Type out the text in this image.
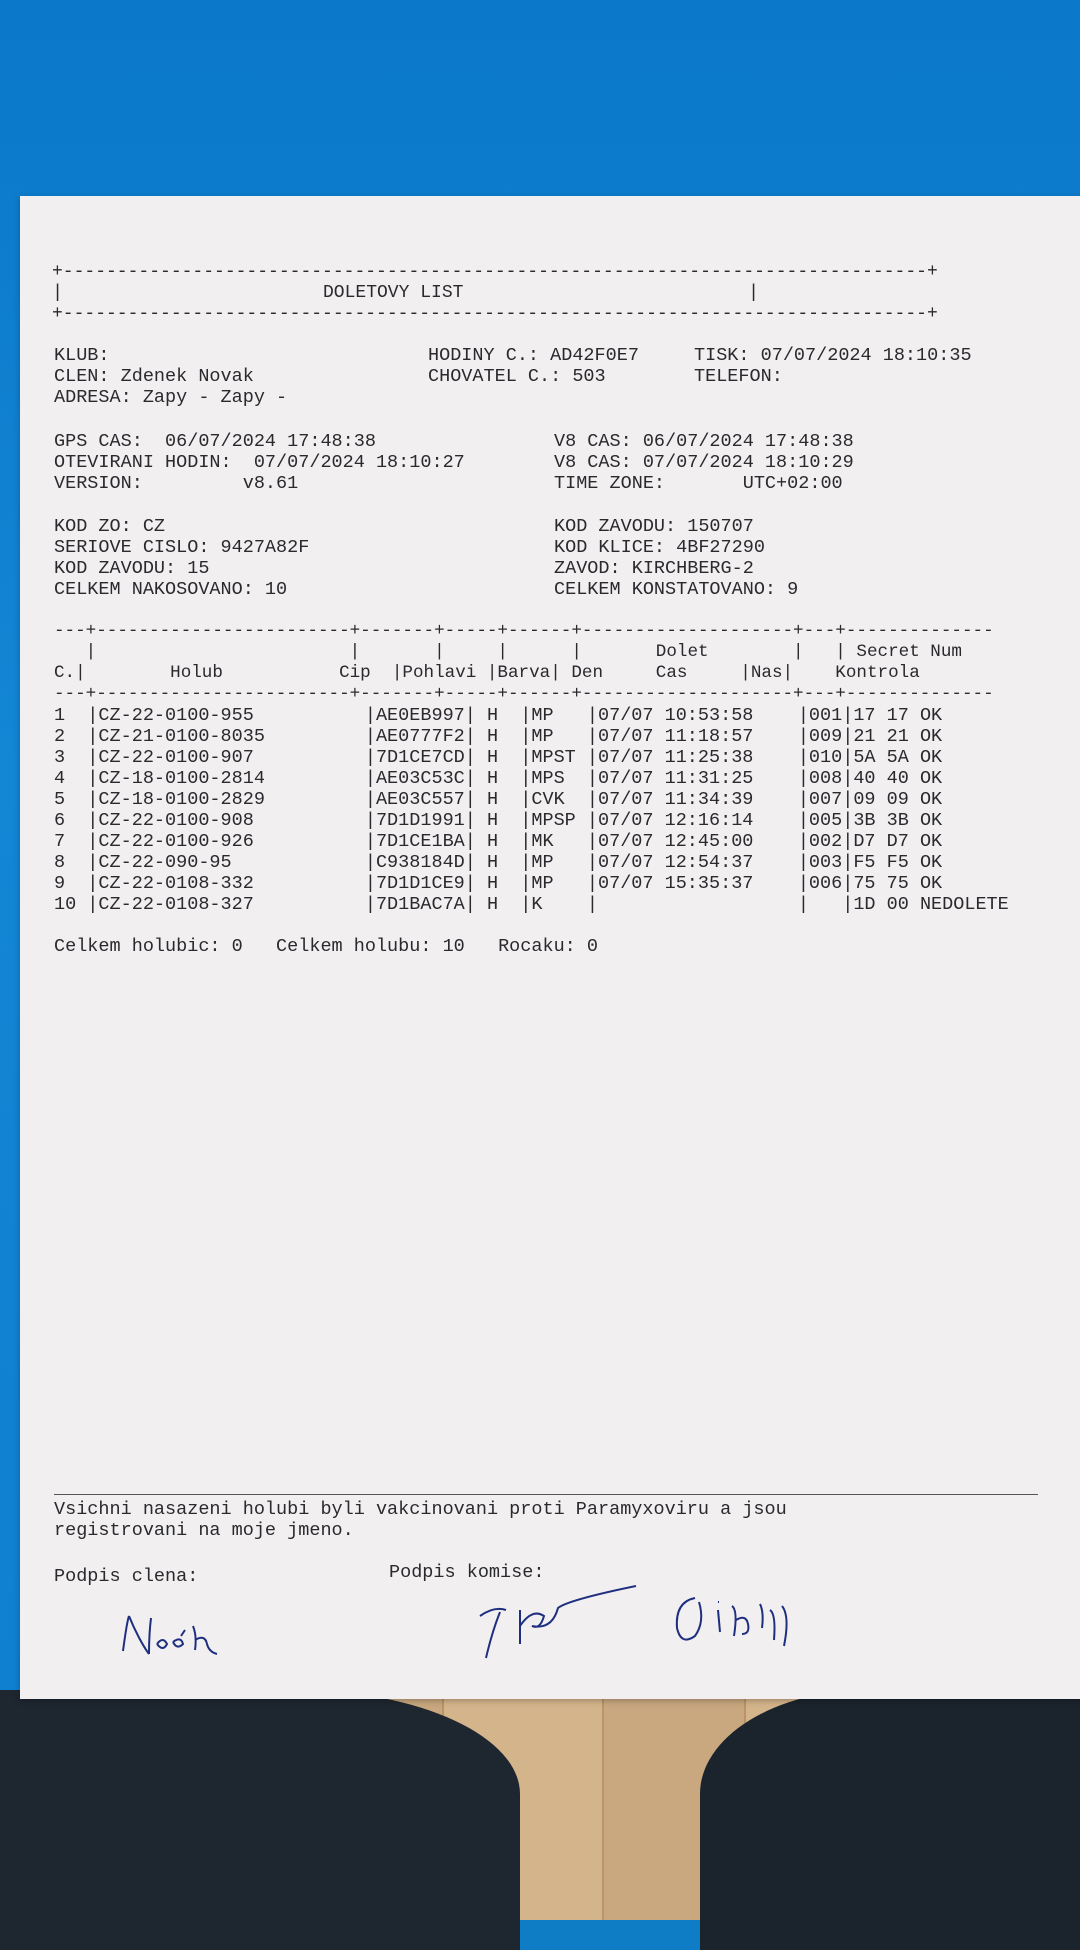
+--------------------------------------------------------------------------------+
|	DOLETOVY LIST	|
+--------------------------------------------------------------------------------+
KLUB:	HODINY C.: AD42F0E7	TISK: 07/07/2024 18:10:35
CLEN: Zdenek Novak	CHOVATEL C.: 503	TELEFON:
ADRESA: Zapy - Zapy -
GPS CAS:  06/07/2024 17:48:38	V8 CAS: 06/07/2024 17:48:38
OTEVIRANI HODIN:  07/07/2024 18:10:27	V8 CAS: 07/07/2024 18:10:29
VERSION:         v8.61	TIME ZONE:       UTC+02:00
KOD ZO: CZ	KOD ZAVODU: 150707
SERIOVE CISLO: 9427A82F	KOD KLICE: 4BF27290
KOD ZAVODU: 15	ZAVOD: KIRCHBERG-2
CELKEM NAKOSOVANO: 10	CELKEM KONSTATOVANO: 9
---+------------------------+-------+-----+------+--------------------+---+--------------
|                        |       |     |      |       Dolet        |   | Secret Num
C.|        Holub           Cip  |Pohlavi |Barva| Den     Cas     |Nas|    Kontrola
---+------------------------+-------+-----+------+--------------------+---+--------------
1  |CZ-22-0100-955          |AE0EB997| H  |MP   |07/07 10:53:58    |001|17 17 OK
2  |CZ-21-0100-8035         |AE0777F2| H  |MP   |07/07 11:18:57    |009|21 21 OK
3  |CZ-22-0100-907          |7D1CE7CD| H  |MPST |07/07 11:25:38    |010|5A 5A OK
4  |CZ-18-0100-2814         |AE03C53C| H  |MPS  |07/07 11:31:25    |008|40 40 OK
5  |CZ-18-0100-2829         |AE03C557| H  |CVK  |07/07 11:34:39    |007|09 09 OK
6  |CZ-22-0100-908          |7D1D1991| H  |MPSP |07/07 12:16:14    |005|3B 3B OK
7  |CZ-22-0100-926          |7D1CE1BA| H  |MK   |07/07 12:45:00    |002|D7 D7 OK
8  |CZ-22-090-95            |C938184D| H  |MP   |07/07 12:54:37    |003|F5 F5 OK
9  |CZ-22-0108-332          |7D1D1CE9| H  |MP   |07/07 15:35:37    |006|75 75 OK
10 |CZ-22-0108-327          |7D1BAC7A| H  |K    |                  |   |1D 00 NEDOLETE
Celkem holubic: 0   Celkem holubu: 10   Rocaku: 0
Vsichni nasazeni holubi byli vakcinovani proti Paramyxoviru a jsou
registrovani na moje jmeno.
Podpis clena:	Podpis komise:
